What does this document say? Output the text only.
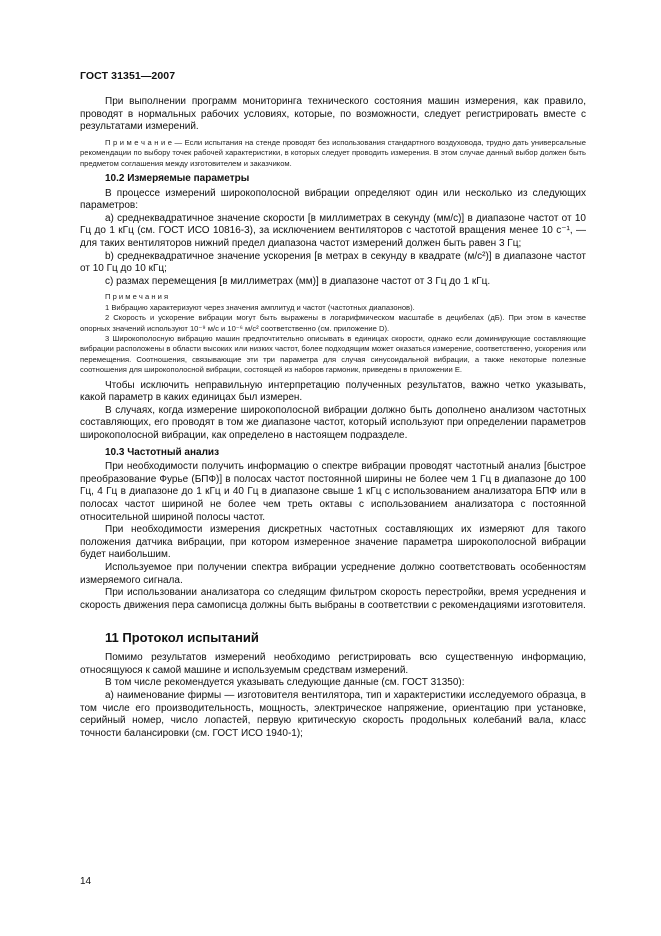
ГОСТ 31351—2007

При выполнении программ мониторинга технического состояния машин измерения, как правило, проводят в нормальных рабочих условиях, которые, по возможности, следует регистрировать вместе с результатами измерений.

П р и м е ч а н и е — Если испытания на стенде проводят без использования стандартного воздуховода, трудно дать универсальные рекомендации по выбору точек рабочей характеристики, в которых следует проводить измерения. В этом случае данный выбор должен быть предметом соглашения между изготовителем и заказчиком.

10.2 Измеряемые параметры

В процессе измерений широкополосной вибрации определяют один или несколько из следующих параметров:

a) среднеквадратичное значение скорости [в миллиметрах в секунду (мм/с)] в диапазоне частот от 10 Гц до 1 кГц (см. ГОСТ ИСО 10816-3), за исключением вентиляторов с частотой вращения менее 10 с⁻¹, — для таких вентиляторов нижний предел диапазона частот измерений должен быть равен 3 Гц;

b) среднеквадратичное значение ускорения [в метрах в секунду в квадрате (м/с²)] в диапазоне частот от 10 Гц до 10 кГц;

c) размах перемещения [в миллиметрах (мм)] в диапазоне частот от 3 Гц до 1 кГц.

П р и м е ч а н и я

1 Вибрацию характеризуют через значения амплитуд и частот (частотных диапазонов).

2 Скорость и ускорение вибрации могут быть выражены в логарифмическом масштабе в децибелах (дБ). При этом в качестве опорных значений используют 10⁻⁹ м/с и 10⁻⁶ м/с² соответственно (см. приложение D).

3 Широкополосную вибрацию машин предпочтительно описывать в единицах скорости, однако если доминирующие составляющие вибрации расположены в области высоких или низких частот, более подходящим может оказаться измерение, соответственно, ускорения или перемещения. Соотношения, связывающие эти три параметра для случая синусоидальной вибрации, а также некоторые полезные соотношения для широкополосной вибрации, состоящей из наборов гармоник, приведены в приложении Е.

Чтобы исключить неправильную интерпретацию полученных результатов, важно четко указывать, какой параметр в каких единицах был измерен.

В случаях, когда измерение широкополосной вибрации должно быть дополнено анализом частотных составляющих, его проводят в том же диапазоне частот, который используют при определении параметров широкополосной вибрации, как определено в настоящем подразделе.

10.3 Частотный анализ

При необходимости получить информацию о спектре вибрации проводят частотный анализ [быстрое преобразование Фурье (БПФ)] в полосах частот постоянной ширины не более чем 1 Гц в диапазоне до 100 Гц, 4 Гц в диапазоне до 1 кГц и 40 Гц в диапазоне свыше 1 кГц с использованием анализатора БПФ или в полосах частот шириной не более чем треть октавы с использованием анализатора с постоянной относительной шириной полосы частот.

При необходимости измерения дискретных частотных составляющих их измеряют для такого положения датчика вибрации, при котором измеренное значение параметра широкополосной вибрации будет наибольшим.

Используемое при получении спектра вибрации усреднение должно соответствовать особенностям измеряемого сигнала.

При использовании анализатора со следящим фильтром скорость перестройки, время усреднения и скорость движения пера самописца должны быть выбраны в соответствии с рекомендациями изготовителя.

11 Протокол испытаний

Помимо результатов измерений необходимо регистрировать всю существенную информацию, относящуюся к самой машине и используемым средствам измерений.

В том числе рекомендуется указывать следующие данные (см. ГОСТ 31350):

а) наименование фирмы — изготовителя вентилятора, тип и характеристики исследуемого образца, в том числе его производительность, мощность, электрическое напряжение, ориентацию при установке, серийный номер, число лопастей, первую критическую скорость продольных колебаний вала, класс точности балансировки (см. ГОСТ ИСО 1940-1);

14
